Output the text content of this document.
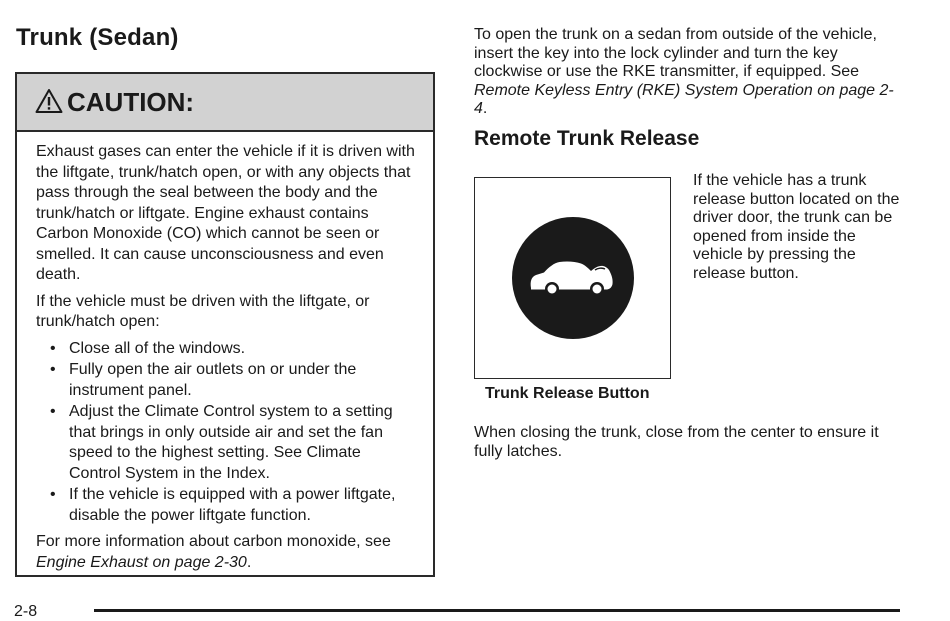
Trunk (Sedan)
CAUTION:

Exhaust gases can enter the vehicle if it is driven with the liftgate, trunk/hatch open, or with any objects that pass through the seal between the body and the trunk/hatch or liftgate. Engine exhaust contains Carbon Monoxide (CO) which cannot be seen or smelled. It can cause unconsciousness and even death.

If the vehicle must be driven with the liftgate, or trunk/hatch open:

• Close all of the windows.
• Fully open the air outlets on or under the instrument panel.
• Adjust the Climate Control system to a setting that brings in only outside air and set the fan speed to the highest setting. See Climate Control System in the Index.
• If the vehicle is equipped with a power liftgate, disable the power liftgate function.

For more information about carbon monoxide, see
Engine Exhaust on page 2-30.

To open the trunk on a sedan from outside of the vehicle, insert the key into the lock cylinder and turn the key clockwise or use the RKE transmitter, if equipped. See Remote Keyless Entry (RKE) System Operation on page 2-4.
Remote Trunk Release
Trunk Release Button
If the vehicle has a trunk release button located on the driver door, the trunk can be opened from inside the vehicle by pressing the release button.
When closing the trunk, close from the center to ensure it fully latches.
2-8
